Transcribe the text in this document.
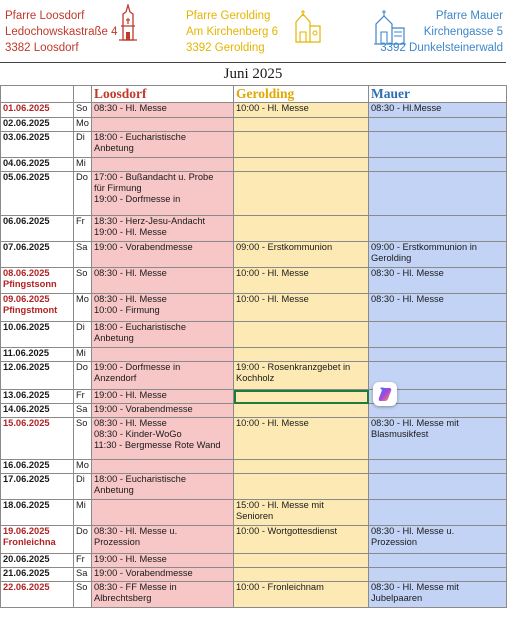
Pfarre Loosdorf
Ledochowskastraße 4
3382 Loosdorf
Pfarre Gerolding
Am Kirchenberg 6
3392 Gerolding
Pfarre Mauer
Kirchengasse 5
3392 Dunkelsteinerwald
Juni 2025
		Loosdorf	Gerolding	Mauer

01.06.2025	So	08:30 - Hl. Messe	10:00 - Hl. Messe	08:30 - Hl.Messe

02.06.2025	Mo			

03.06.2025	Di	18:00 - Eucharistische
Anbetung		

04.06.2025	Mi			

05.06.2025	Do	17:00 - Bußandacht u. Probe
für Firmung
19:00 - Dorfmesse in		

06.06.2025	Fr	18:30 - Herz-Jesu-Andacht
19:00 - Hl. Messe		

07.06.2025	Sa	19:00 - Vorabendmesse	09:00 - Erstkommunion	09:00 - Erstkommunion in
Gerolding

08.06.2025
Pfingstsonn	So	08:30 - Hl. Messe	10:00 - Hl. Messe	08:30 - Hl. Messe

09.06.2025
Pfingstmont	Mo	08:30 - Hl. Messe
10:00 - Firmung	10:00 - Hl. Messe	08:30 - Hl. Messe

10.06.2025	Di	18:00 - Eucharistische
Anbetung		

11.06.2025	Mi			

12.06.2025	Do	19:00 - Dorfmesse in
Anzendorf	19:00 - Rosenkranzgebet in
Kochholz	

13.06.2025	Fr	19:00 - Hl. Messe		

14.06.2025	Sa	19:00 - Vorabendmesse		

15.06.2025	So	08:30 - Hl. Messe
08:30 - Kinder-WoGo
11:30 - Bergmesse Rote Wand	10:00 - Hl. Messe	08:30 - Hl. Messe mit
Blasmusikfest

16.06.2025	Mo			

17.06.2025	Di	18:00 - Eucharistische
Anbetung		

18.06.2025	Mi		15:00 - Hl. Messe mit
Senioren	

19.06.2025
Fronleichna	Do	08:30 - Hl. Messe u.
Prozession	10:00 - Wortgottesdienst	08:30 - Hl. Messe u.
Prozession

20.06.2025	Fr	19:00 - Hl. Messe		

21.06.2025	Sa	19:00 - Vorabendmesse		

22.06.2025	So	08:30 - FF Messe in
Albrechtsberg	10:00 - Fronleichnam	08:30 - Hl. Messe mit
Jubelpaaren
